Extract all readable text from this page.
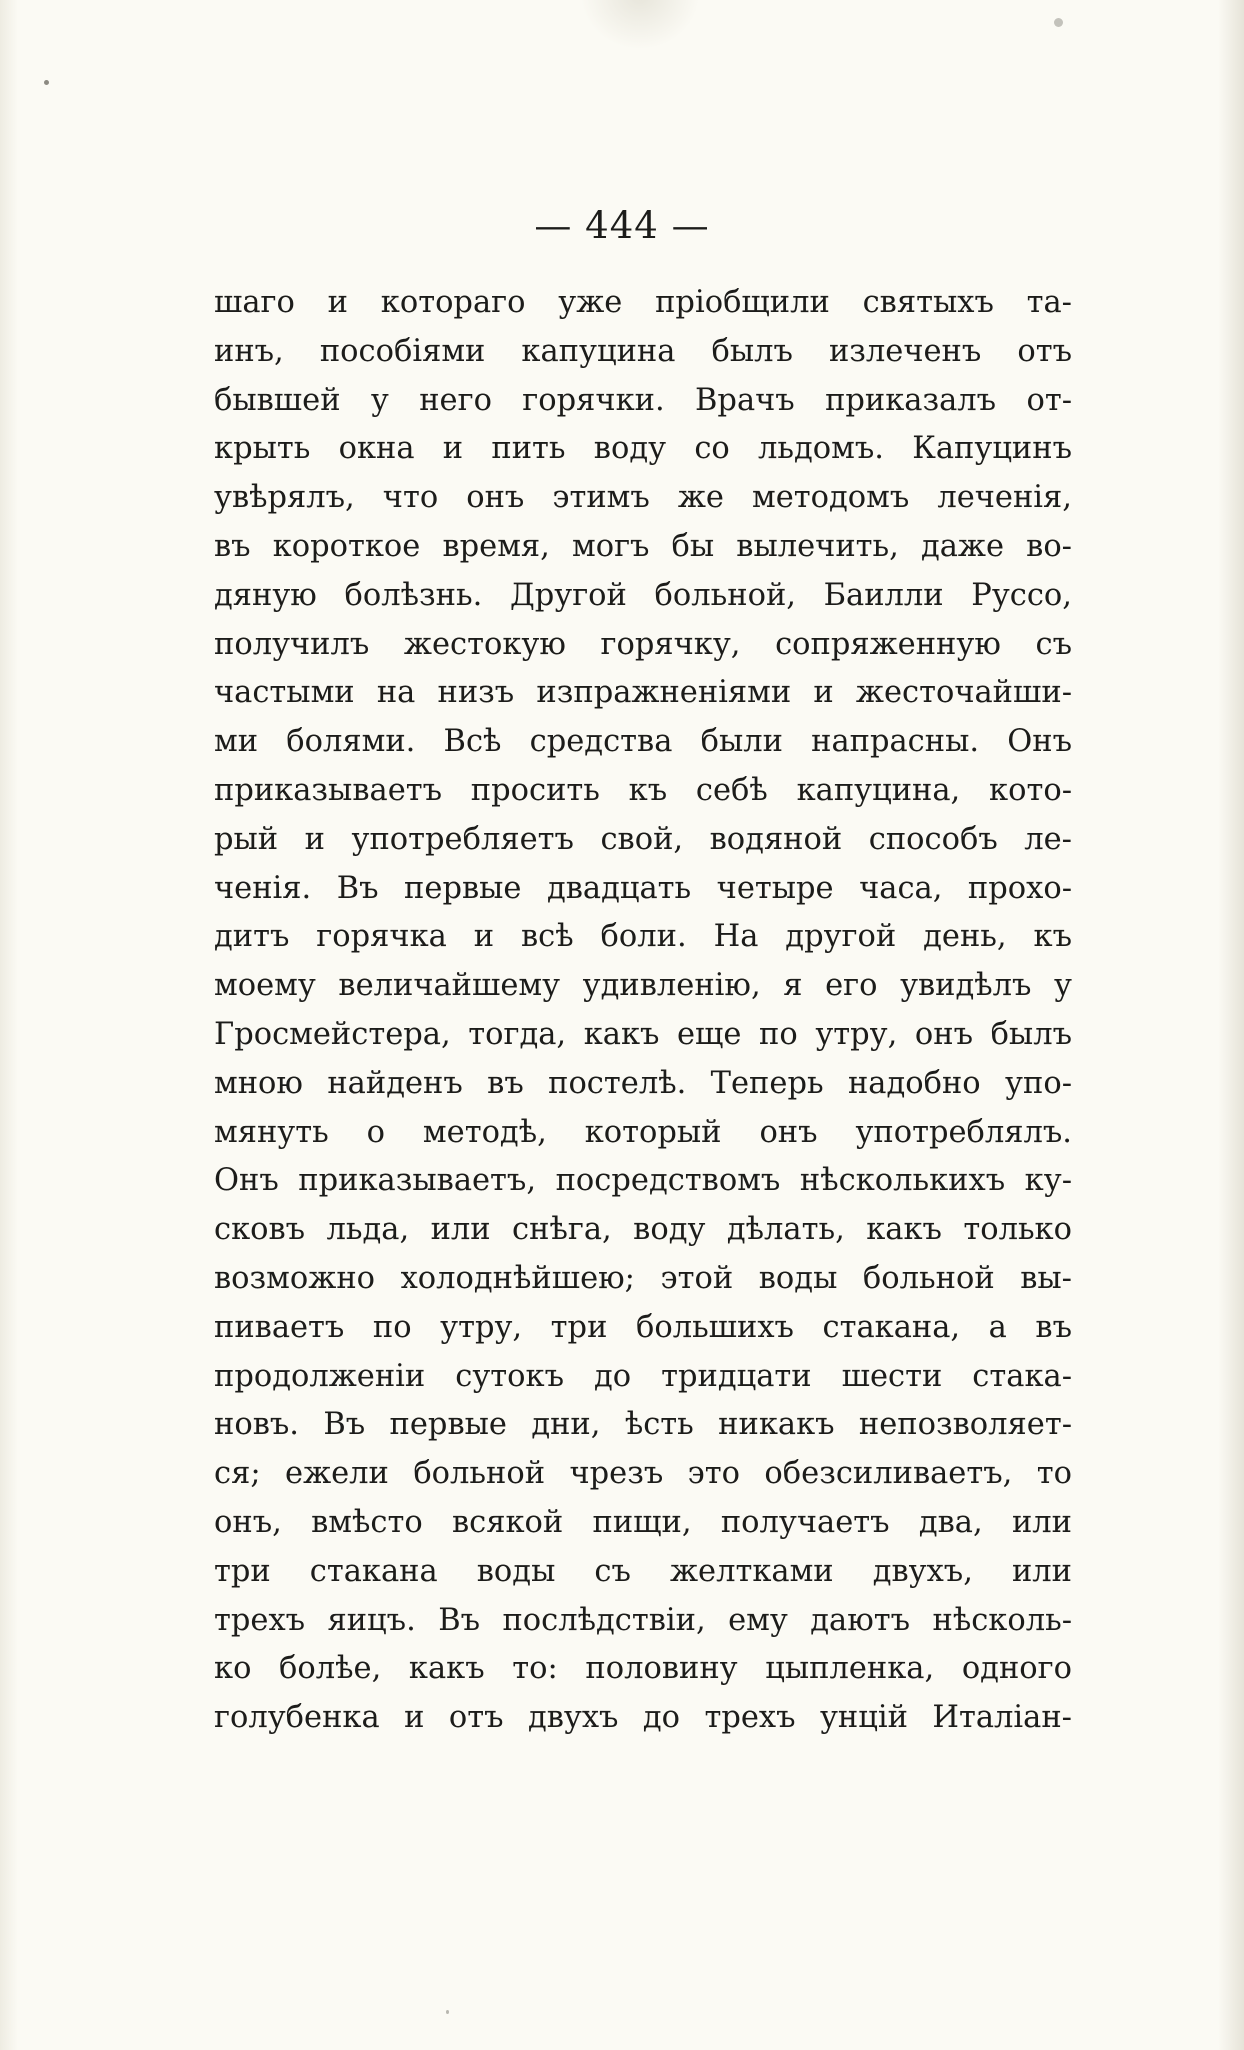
— 444 —
шаго и котораго уже пріобщили святыхъ та-
инъ, пособіями капуцина былъ излеченъ отъ
бывшей у него горячки. Врачъ приказалъ от-
крыть окна и пить воду со льдомъ. Капуцинъ
увѣрялъ, что онъ этимъ же методомъ леченія,
въ короткое время, могъ бы вылечить, даже во-
дяную болѣзнь. Другой больной, Баилли Руссо,
получилъ жестокую горячку, сопряженную съ
частыми на низъ изпражненіями и жесточайши-
ми болями. Всѣ средства были напрасны. Онъ
приказываетъ просить къ себѣ капуцина, кото-
рый и употребляетъ свой, водяной способъ ле-
ченія. Въ первые двадцать четыре часа, прохо-
дитъ горячка и всѣ боли. На другой день, къ
моему величайшему удивленію, я его увидѣлъ у
Гросмейстера, тогда, какъ еще по утру, онъ былъ
мною найденъ въ постелѣ. Теперь надобно упо-
мянуть о методѣ, который онъ употреблялъ.
Онъ приказываетъ, посредствомъ нѣсколькихъ ку-
сковъ льда, или снѣга, воду дѣлать, какъ только
возможно холоднѣйшею; этой воды больной вы-
пиваетъ по утру, три большихъ стакана, а въ
продолженіи сутокъ до тридцати шести стака-
новъ. Въ первые дни, ѣсть никакъ непозволяет-
ся; ежели больной чрезъ это обезсиливаетъ, то
онъ, вмѣсто всякой пищи, получаетъ два, или
три стакана воды съ желтками двухъ, или
трехъ яицъ. Въ послѣдствіи, ему даютъ нѣсколь-
ко болѣе, какъ то: половину цыпленка, одного
голубенка и отъ двухъ до трехъ унцій Италіан-
